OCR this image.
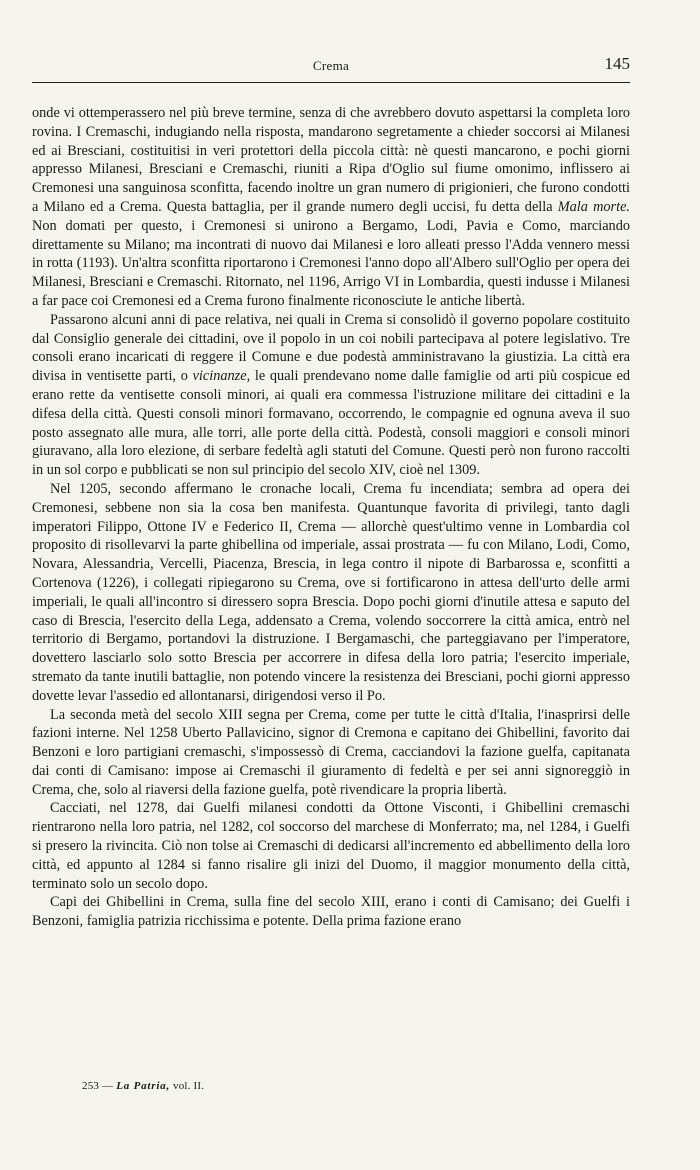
Crema	145

onde vi ottemperassero nel più breve termine, senza di che avrebbero dovuto aspettarsi la completa loro rovina. I Cremaschi, indugiando nella risposta, mandarono segretamente a chieder soccorsi ai Milanesi ed ai Bresciani, costituitisi in veri protettori della piccola città: nè questi mancarono, e pochi giorni appresso Milanesi, Bresciani e Cremaschi, riuniti a Ripa d'Oglio sul fiume omonimo, inflissero ai Cremonesi una sanguinosa sconfitta, facendo inoltre un gran numero di prigionieri, che furono condotti a Milano ed a Crema. Questa battaglia, per il grande numero degli uccisi, fu detta della Mala morte. Non domati per questo, i Cremonesi si unirono a Bergamo, Lodi, Pavia e Como, marciando direttamente su Milano; ma incontrati di nuovo dai Milanesi e loro alleati presso l'Adda vennero messi in rotta (1193). Un'altra sconfitta riportarono i Cremonesi l'anno dopo all'Albero sull'Oglio per opera dei Milanesi, Bresciani e Cremaschi. Ritornato, nel 1196, Arrigo VI in Lombardia, questi indusse i Milanesi a far pace coi Cremonesi ed a Crema furono finalmente riconosciute le antiche libertà.

Passarono alcuni anni di pace relativa, nei quali in Crema si consolidò il governo popolare costituito dal Consiglio generale dei cittadini, ove il popolo in un coi nobili partecipava al potere legislativo. Tre consoli erano incaricati di reggere il Comune e due podestà amministravano la giustizia. La città era divisa in ventisette parti, o vicinanze, le quali prendevano nome dalle famiglie od arti più cospicue ed erano rette da ventisette consoli minori, ai quali era commessa l'istruzione militare dei cittadini e la difesa della città. Questi consoli minori formavano, occorrendo, le compagnie ed ognuna aveva il suo posto assegnato alle mura, alle torri, alle porte della città. Podestà, consoli maggiori e consoli minori giuravano, alla loro elezione, di serbare fedeltà agli statuti del Comune. Questi però non furono raccolti in un sol corpo e pubblicati se non sul principio del secolo XIV, cioè nel 1309.

Nel 1205, secondo affermano le cronache locali, Crema fu incendiata; sembra ad opera dei Cremonesi, sebbene non sia la cosa ben manifesta. Quantunque favorita di privilegi, tanto dagli imperatori Filippo, Ottone IV e Federico II, Crema — allorchè quest'ultimo venne in Lombardia col proposito di risollevarvi la parte ghibellina od imperiale, assai prostrata — fu con Milano, Lodi, Como, Novara, Alessandria, Vercelli, Piacenza, Brescia, in lega contro il nipote di Barbarossa e, sconfitti a Cortenova (1226), i collegati ripiegarono su Crema, ove si fortificarono in attesa dell'urto delle armi imperiali, le quali all'incontro si diressero sopra Brescia. Dopo pochi giorni d'inutile attesa e saputo del caso di Brescia, l'esercito della Lega, addensato a Crema, volendo soccorrere la città amica, entrò nel territorio di Bergamo, portandovi la distruzione. I Bergamaschi, che parteggiavano per l'imperatore, dovettero lasciarlo solo sotto Brescia per accorrere in difesa della loro patria; l'esercito imperiale, stremato da tante inutili battaglie, non potendo vincere la resistenza dei Bresciani, pochi giorni appresso dovette levar l'assedio ed allontanarsi, dirigendosi verso il Po.

La seconda metà del secolo XIII segna per Crema, come per tutte le città d'Italia, l'inasprirsi delle fazioni interne. Nel 1258 Uberto Pallavicino, signor di Cremona e capitano dei Ghibellini, favorito dai Benzoni e loro partigiani cremaschi, s'impossessò di Crema, cacciandovi la fazione guelfa, capitanata dai conti di Camisano: impose ai Cremaschi il giuramento di fedeltà e per sei anni signoreggiò in Crema, che, solo al riaversi della fazione guelfa, potè rivendicare la propria libertà.

Cacciati, nel 1278, dai Guelfi milanesi condotti da Ottone Visconti, i Ghibellini cremaschi rientrarono nella loro patria, nel 1282, col soccorso del marchese di Monferrato; ma, nel 1284, i Guelfi si presero la rivincita. Ciò non tolse ai Cremaschi di dedicarsi all'incremento ed abbellimento della loro città, ed appunto al 1284 si fanno risalire gli inizi del Duomo, il maggior monumento della città, terminato solo un secolo dopo.

Capi dei Ghibellini in Crema, sulla fine del secolo XIII, erano i conti di Camisano; dei Guelfi i Benzoni, famiglia patrizia ricchissima e potente. Della prima fazione erano

253 — La Patria, vol. II.
